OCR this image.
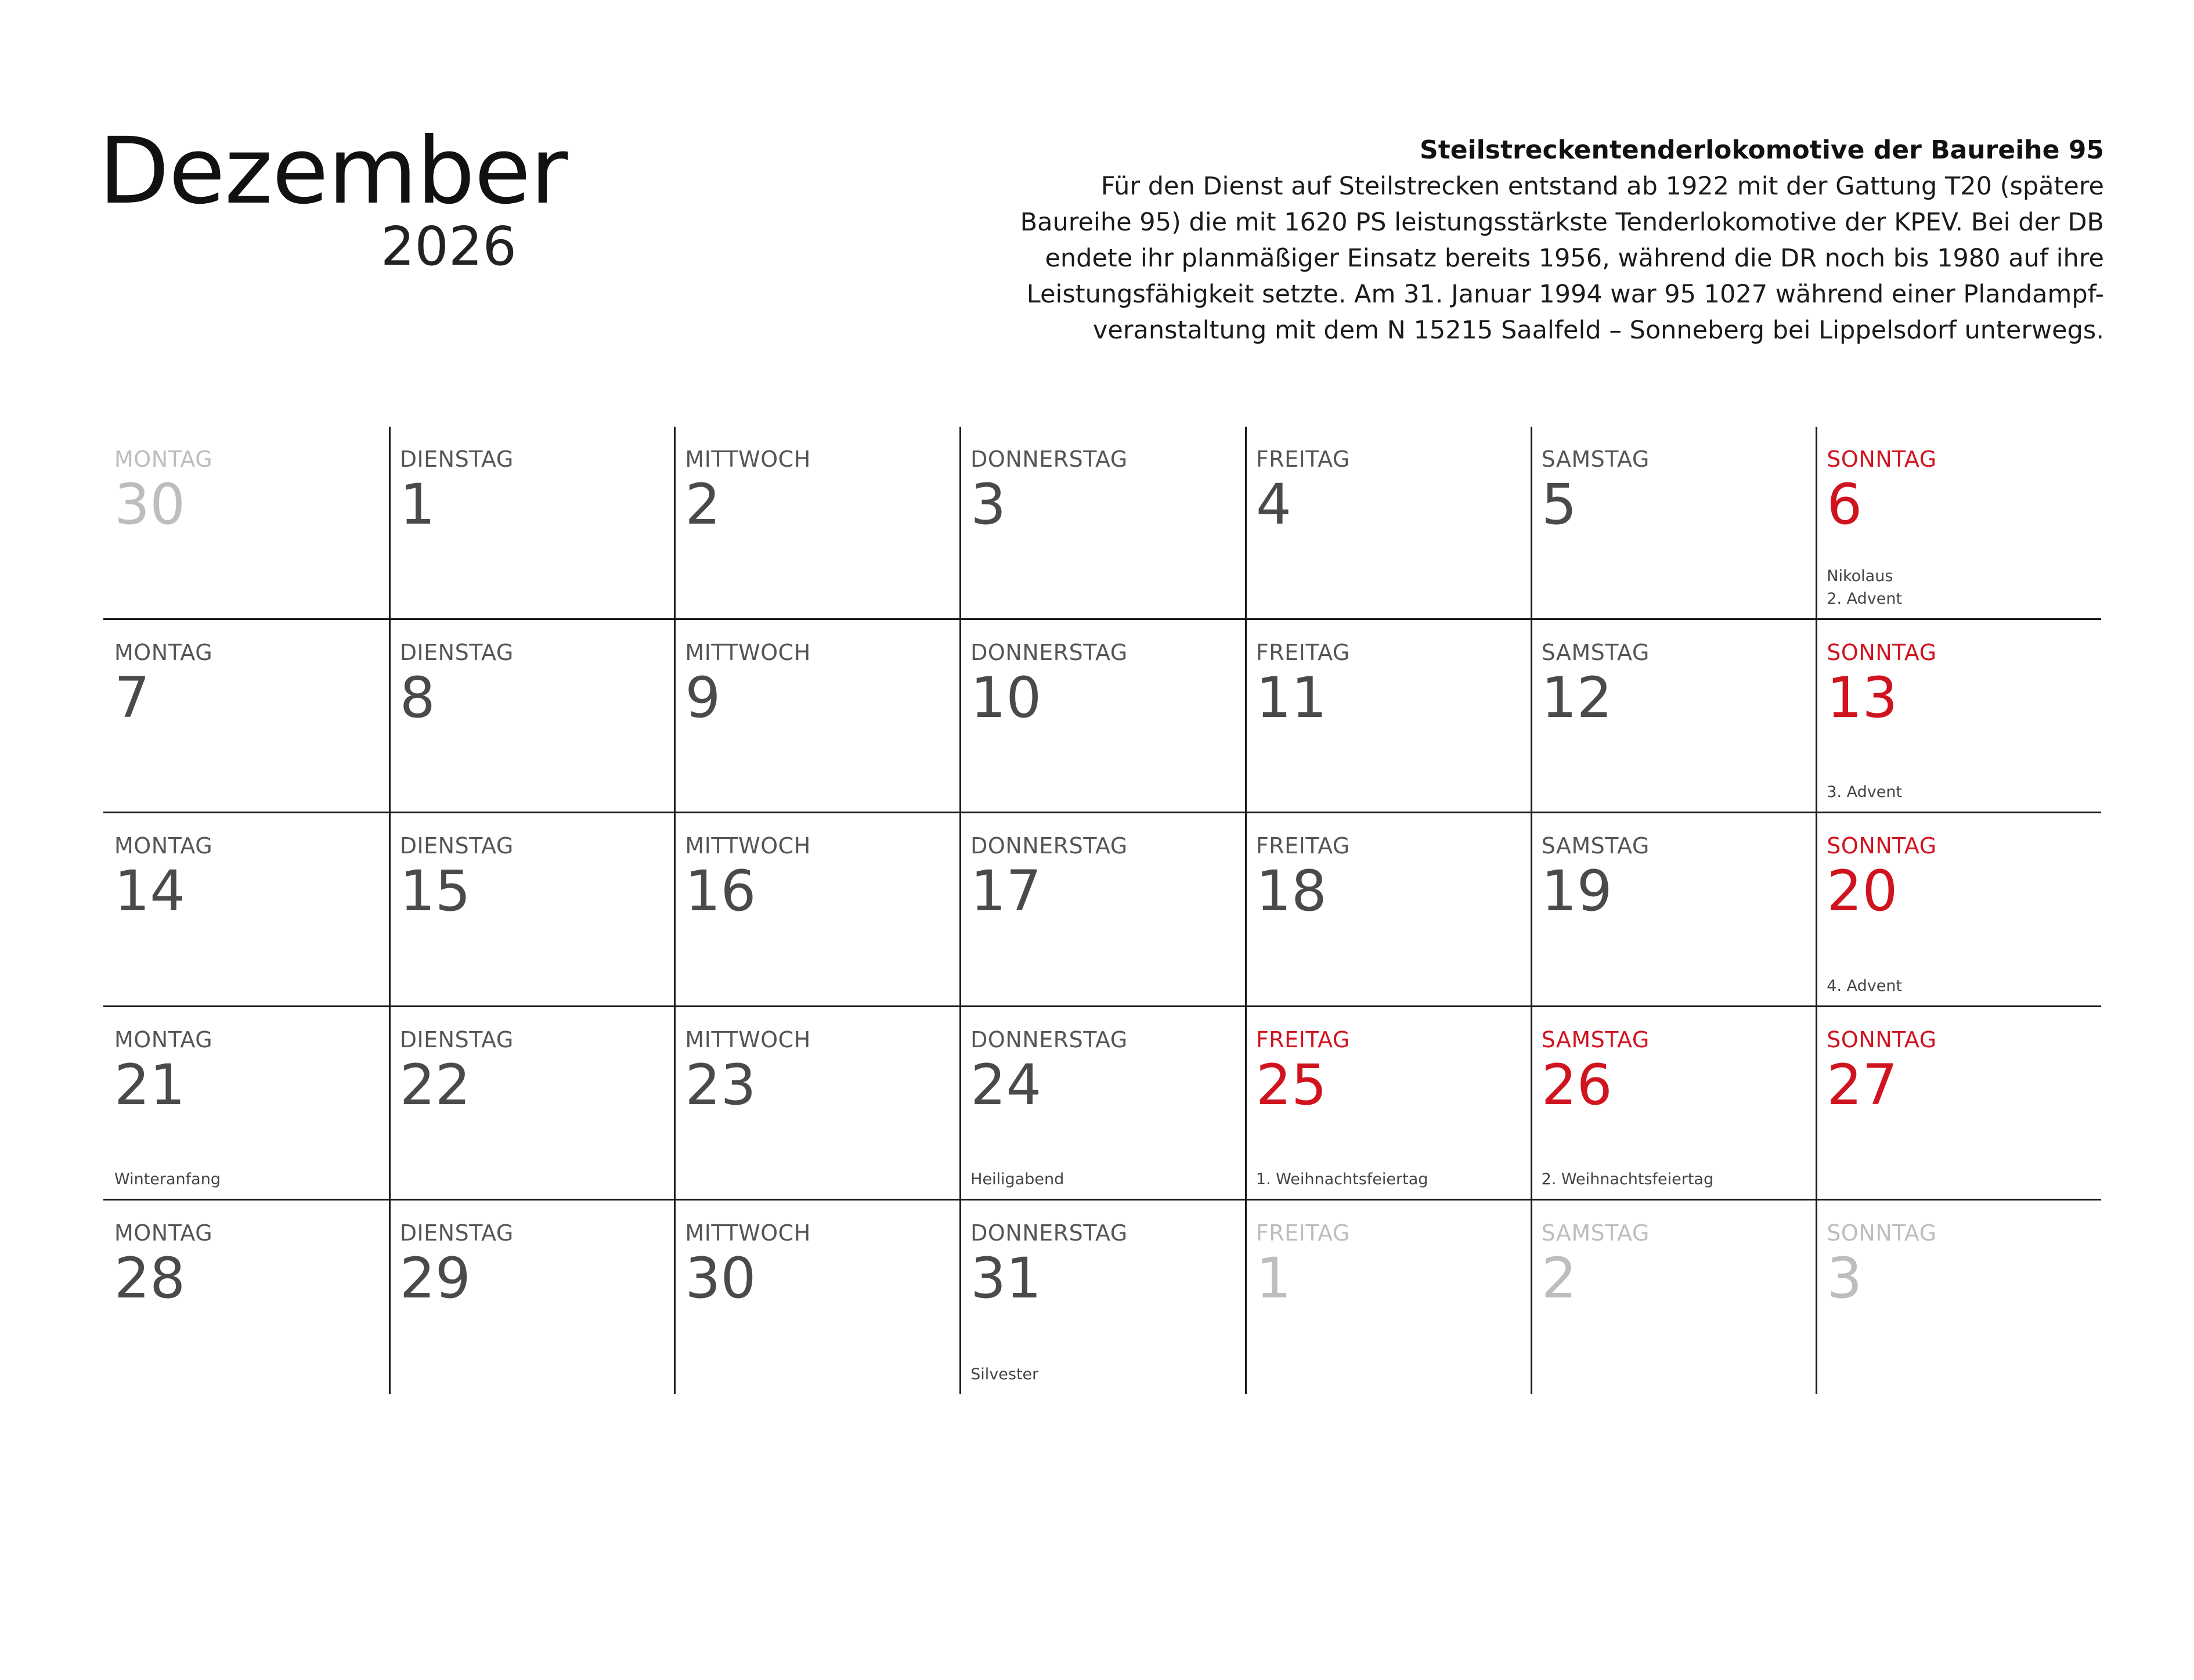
Dezember
2026

Steilstreckentenderlokomotive der Baureihe 95

Für den Dienst auf Steilstrecken entstand ab 1922 mit der Gattung T20 (spätere

Baureihe 95) die mit 1620 PS leistungsstärkste Tenderlokomotive der KPEV. Bei der DB

endete ihr planmäßiger Einsatz bereits 1956, während die DR noch bis 1980 auf ihre

Leistungsfähigkeit setzte. Am 31. Januar 1994 war 95 1027 während einer Plandampf-

veranstaltung mit dem N 15215 Saalfeld – Sonneberg bei Lippelsdorf unterwegs.

MONTAG
30
DIENSTAG
1
MITTWOCH
2
DONNERSTAG
3
FREITAG
4
SAMSTAG
5
SONNTAG
6
Nikolaus
2. Advent
MONTAG
7
DIENSTAG
8
MITTWOCH
9
DONNERSTAG
10
FREITAG
11
SAMSTAG
12
SONNTAG
13
3. Advent
MONTAG
14
DIENSTAG
15
MITTWOCH
16
DONNERSTAG
17
FREITAG
18
SAMSTAG
19
SONNTAG
20
4. Advent
MONTAG
21
Winteranfang
DIENSTAG
22
MITTWOCH
23
DONNERSTAG
24
Heiligabend
FREITAG
25
1. Weihnachtsfeiertag
SAMSTAG
26
2. Weihnachtsfeiertag
SONNTAG
27
MONTAG
28
DIENSTAG
29
MITTWOCH
30
DONNERSTAG
31
Silvester
FREITAG
1
SAMSTAG
2
SONNTAG
3
